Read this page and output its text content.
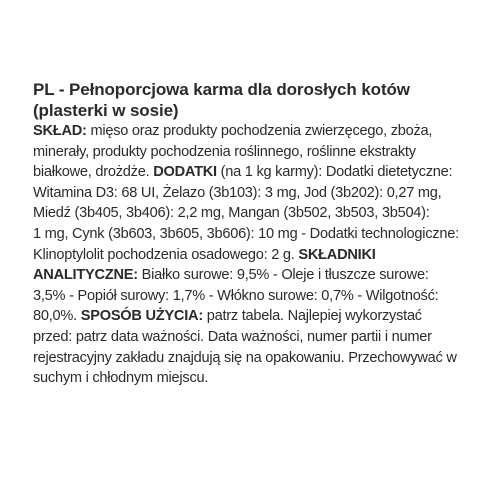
PL - Pełnoporcjowa karma dla dorosłych kotów
(plasterki w sosie)
SKŁAD: mięso oraz produkty pochodzenia zwierzęcego, zboża,
minerały, produkty pochodzenia roślinnego, roślinne ekstrakty
białkowe, drożdże. DODATKI (na 1 kg karmy): Dodatki dietetyczne:
Witamina D3: 68 UI, Żelazo (3b103): 3 mg, Jod (3b202): 0,27 mg,
Miedź (3b405, 3b406): 2,2 mg, Mangan (3b502, 3b503, 3b504):
1 mg, Cynk (3b603, 3b605, 3b606): 10 mg - Dodatki technologiczne:
Klinoptylolit pochodzenia osadowego: 2 g. SKŁADNIKI
ANALITYCZNE: Białko surowe: 9,5% - Oleje i tłuszcze surowe:
3,5% - Popiół surowy: 1,7% - Włókno surowe: 0,7% - Wilgotność:
80,0%. SPOSÓB UŻYCIA: patrz tabela. Najlepiej wykorzystać
przed: patrz data ważności. Data ważności, numer partii i numer
rejestracyjny zakładu znajdują się na opakowaniu. Przechowywać w
suchym i chłodnym miejscu.
